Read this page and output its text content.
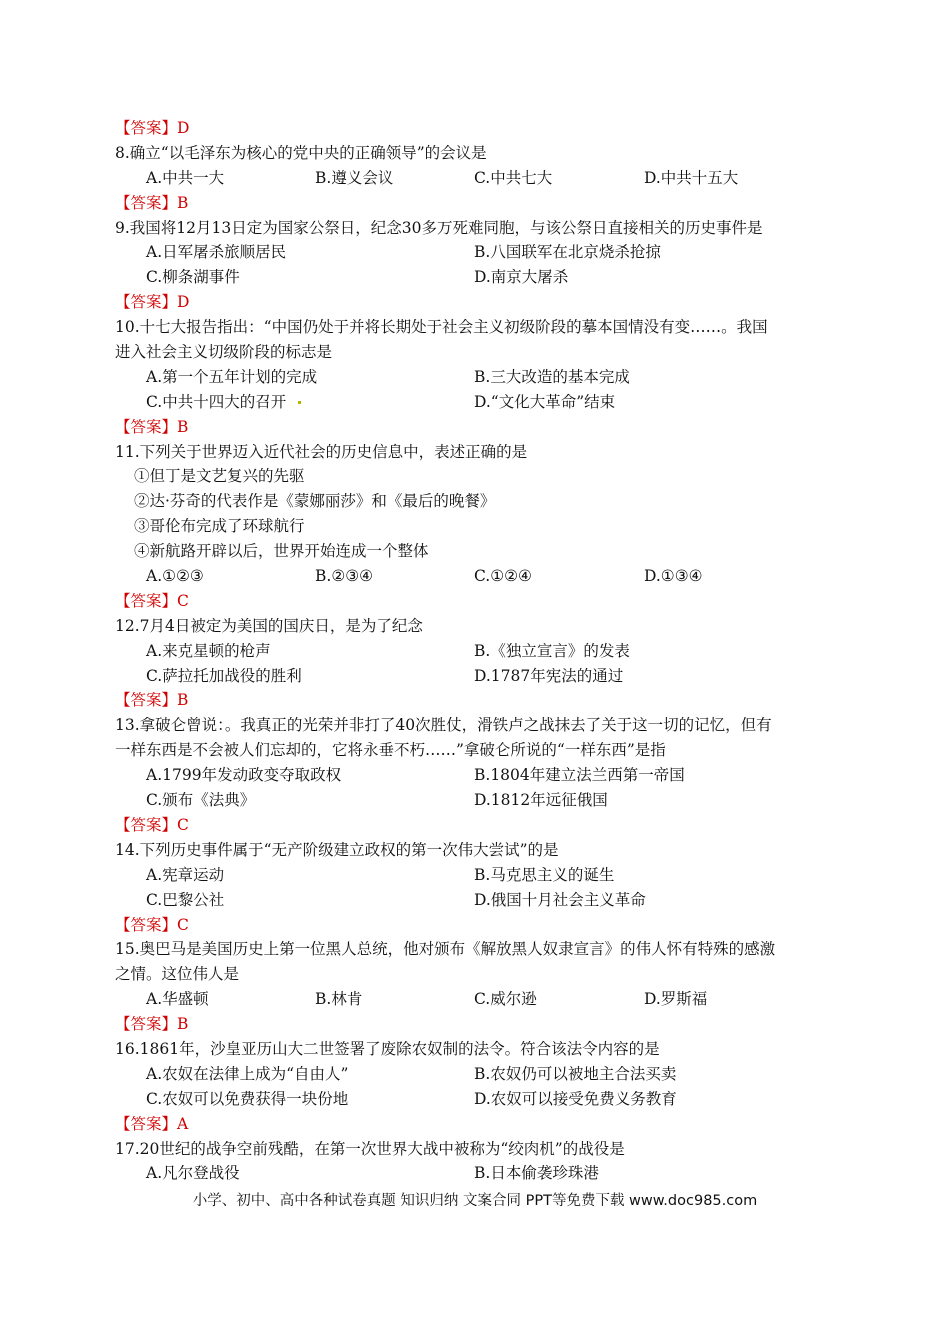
【答案】D
8.确立“以毛泽东为核心的党中央的正确领导”的会议是
A.中共一大	B.遵义会议	C.中共七大	D.中共十五大
【答案】B
9.我国将12月13日定为国家公祭日，纪念30多万死难同胞，与该公祭日直接相关的历史事件是
A.日军屠杀旅顺居民	B.八国联军在北京烧杀抢掠
C.柳条湖事件	D.南京大屠杀
【答案】D
10.十七大报告指出：“中国仍处于并将长期处于社会主义初级阶段的摹本国情没有变……。我国
进入社会主义切级阶段的标志是
A.第一个五年计划的完成	B.三大改造的基本完成
C.中共十四大的召开	D.“文化大革命”结束
【答案】B
11.下列关于世界迈入近代社会的历史信息中，表述正确的是
①但丁是文艺复兴的先驱
②达·芬奇的代表作是《蒙娜丽莎》和《最后的晚餐》
③哥伦布完成了环球航行
④新航路开辟以后，世界开始连成一个整体
A.①②③	B.②③④	C.①②④	D.①③④
【答案】C
12.7月4日被定为美国的国庆日，是为了纪念
A.来克星顿的枪声	B.《独立宣言》的发表
C.萨拉托加战役的胜利	D.1787年宪法的通过
【答案】B
13.拿破仑曾说：。我真正的光荣并非打了40次胜仗，滑铁卢之战抹去了关于这一切的记忆，但有
一样东西是不会被人们忘却的，它将永垂不朽……”拿破仑所说的“一样东西”是指
A.1799年发动政变夺取政权	B.1804年建立法兰西第一帝国
C.颁布《法典》	D.1812年远征俄国
【答案】C
14.下列历史事件属于“无产阶级建立政权的第一次伟大尝试”的是
A.宪章运动	B.马克思主义的诞生
C.巴黎公社	D.俄国十月社会主义革命
【答案】C
15.奥巴马是美国历史上第一位黑人总统，他对颁布《解放黑人奴隶宣言》的伟人怀有特殊的感激
之情。这位伟人是
A.华盛顿	B.林肯	C.威尔逊	D.罗斯福
【答案】B
16.1861年，沙皇亚历山大二世签署了废除农奴制的法令。符合该法令内容的是
A.农奴在法律上成为“自由人”	B.农奴仍可以被地主合法买卖
C.农奴可以免费获得一块份地	D.农奴可以接受免费义务教育
【答案】A
17.20世纪的战争空前残酷，在第一次世界大战中被称为“绞肉机”的战役是
A.凡尔登战役	B.日本偷袭珍珠港
小学、初中、高中各种试卷真题 知识归纳 文案合同 PPT等免费下载 www.doc985.com
